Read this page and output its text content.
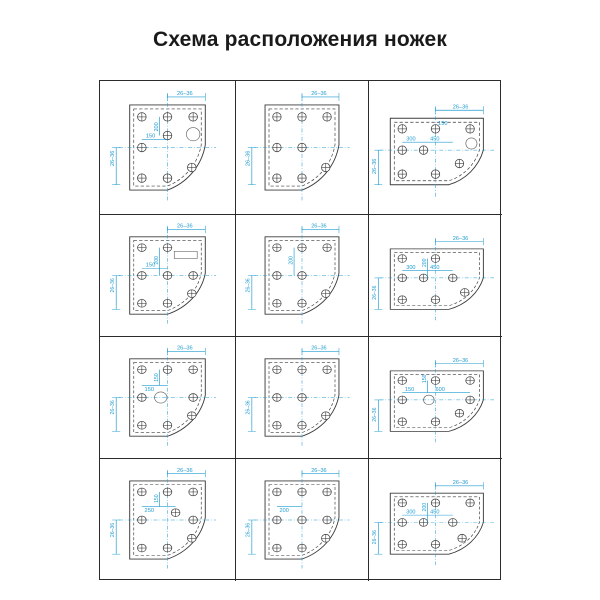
Схема расположения ножек
26–36
26–36
150
200
26–36
26–36
26–36
26–36
300	450
150
26–36
26–36
150
200
26–36
26–36
200
26–36
26–36
300	450
200
26–36
26–36
150
150
26–36
26–36
26–36
26–36
150	600
150
26–36
26–36
250
150
26–36
26–36
200
26–36
26–36
300	450
200
